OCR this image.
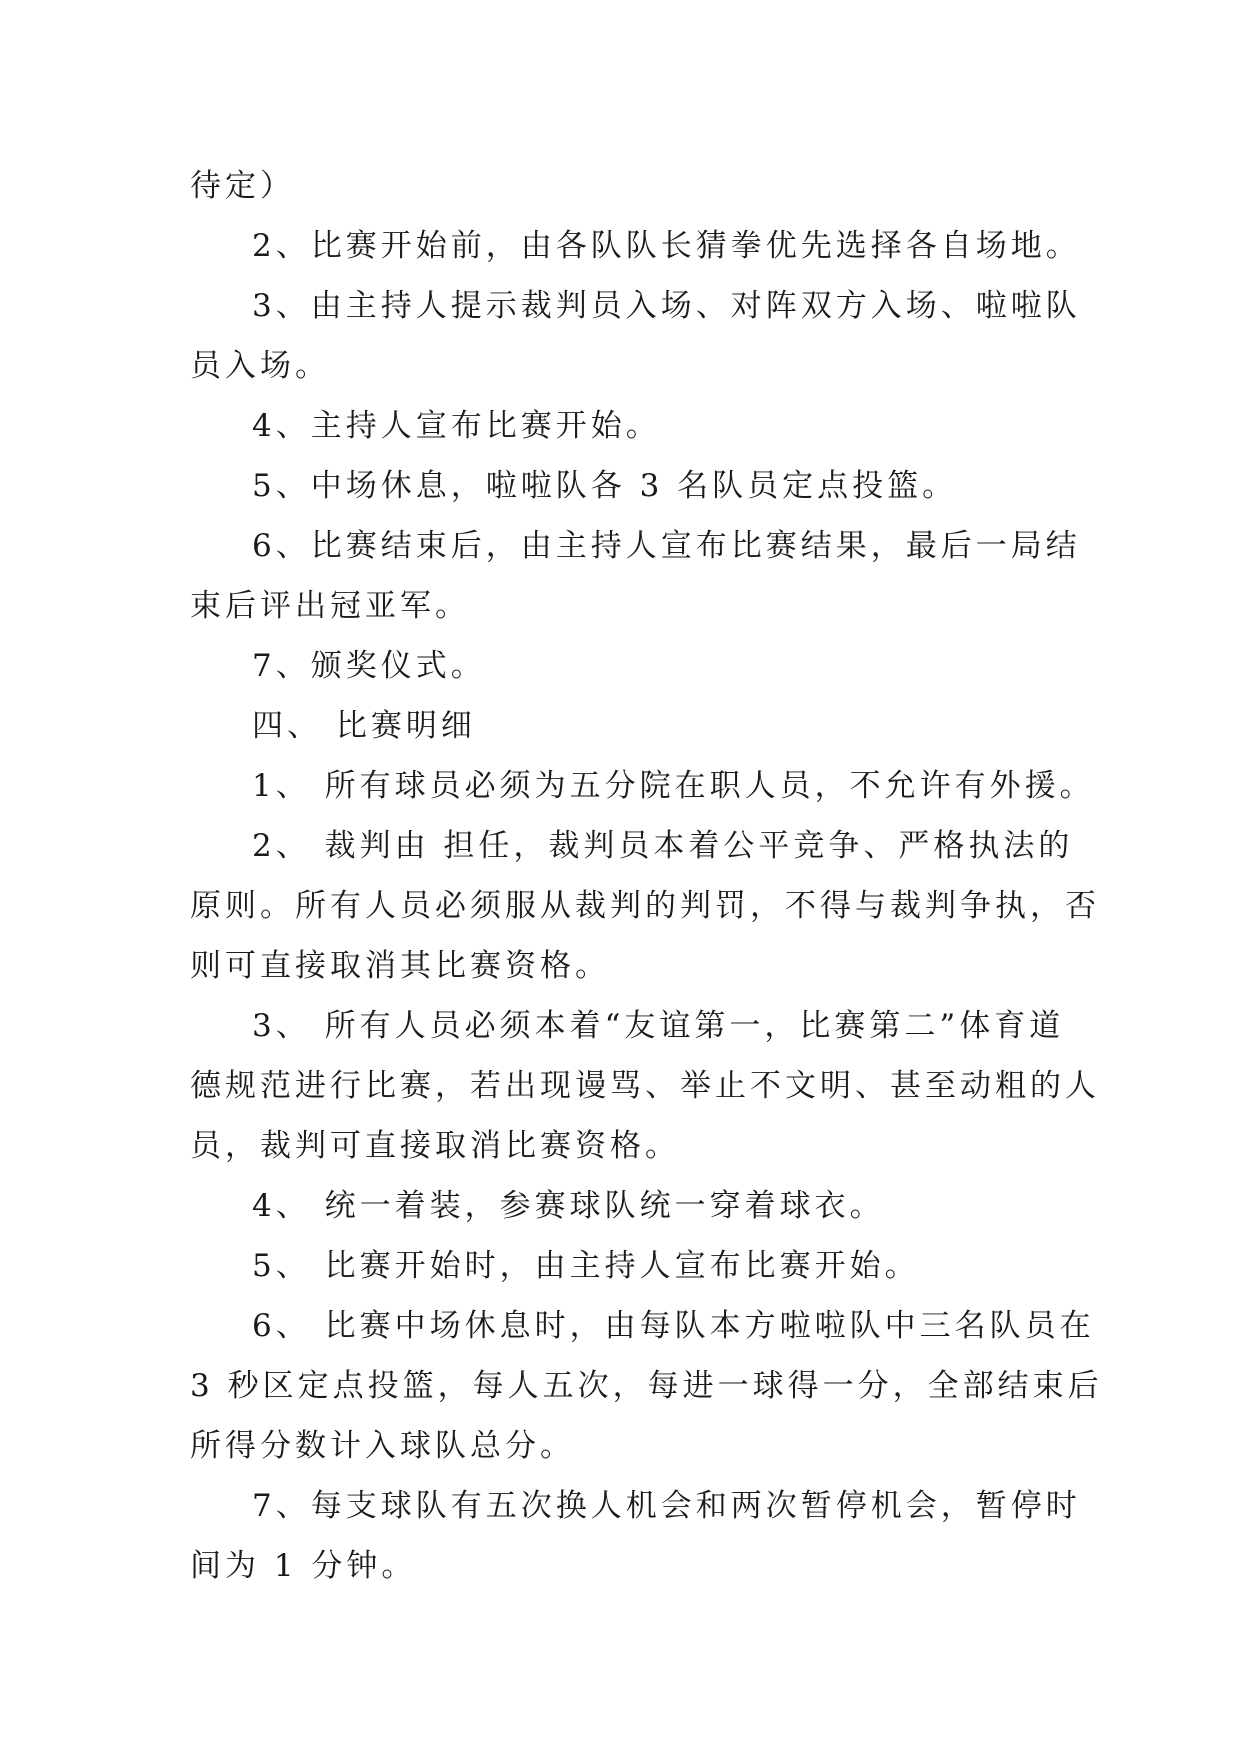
待定）
2、比赛开始前，由各队队长猜拳优先选择各自场地。
3、由主持人提示裁判员入场、对阵双方入场、啦啦队
员入场。
4、主持人宣布比赛开始。
5、中场休息，啦啦队各 3 名队员定点投篮。
6、比赛结束后，由主持人宣布比赛结果，最后一局结
束后评出冠亚军。
7、颁奖仪式。
四、 比赛明细
1、 所有球员必须为五分院在职人员，不允许有外援。
2、 裁判由 担任，裁判员本着公平竞争、严格执法的
原则。所有人员必须服从裁判的判罚，不得与裁判争执，否
则可直接取消其比赛资格。
3、 所有人员必须本着“友谊第一，比赛第二”体育道
德规范进行比赛，若出现谩骂、举止不文明、甚至动粗的人
员，裁判可直接取消比赛资格。
4、 统一着装，参赛球队统一穿着球衣。
5、 比赛开始时，由主持人宣布比赛开始。
6、 比赛中场休息时，由每队本方啦啦队中三名队员在
3 秒区定点投篮，每人五次，每进一球得一分，全部结束后
所得分数计入球队总分。
7、每支球队有五次换人机会和两次暂停机会，暂停时
间为 1 分钟。
